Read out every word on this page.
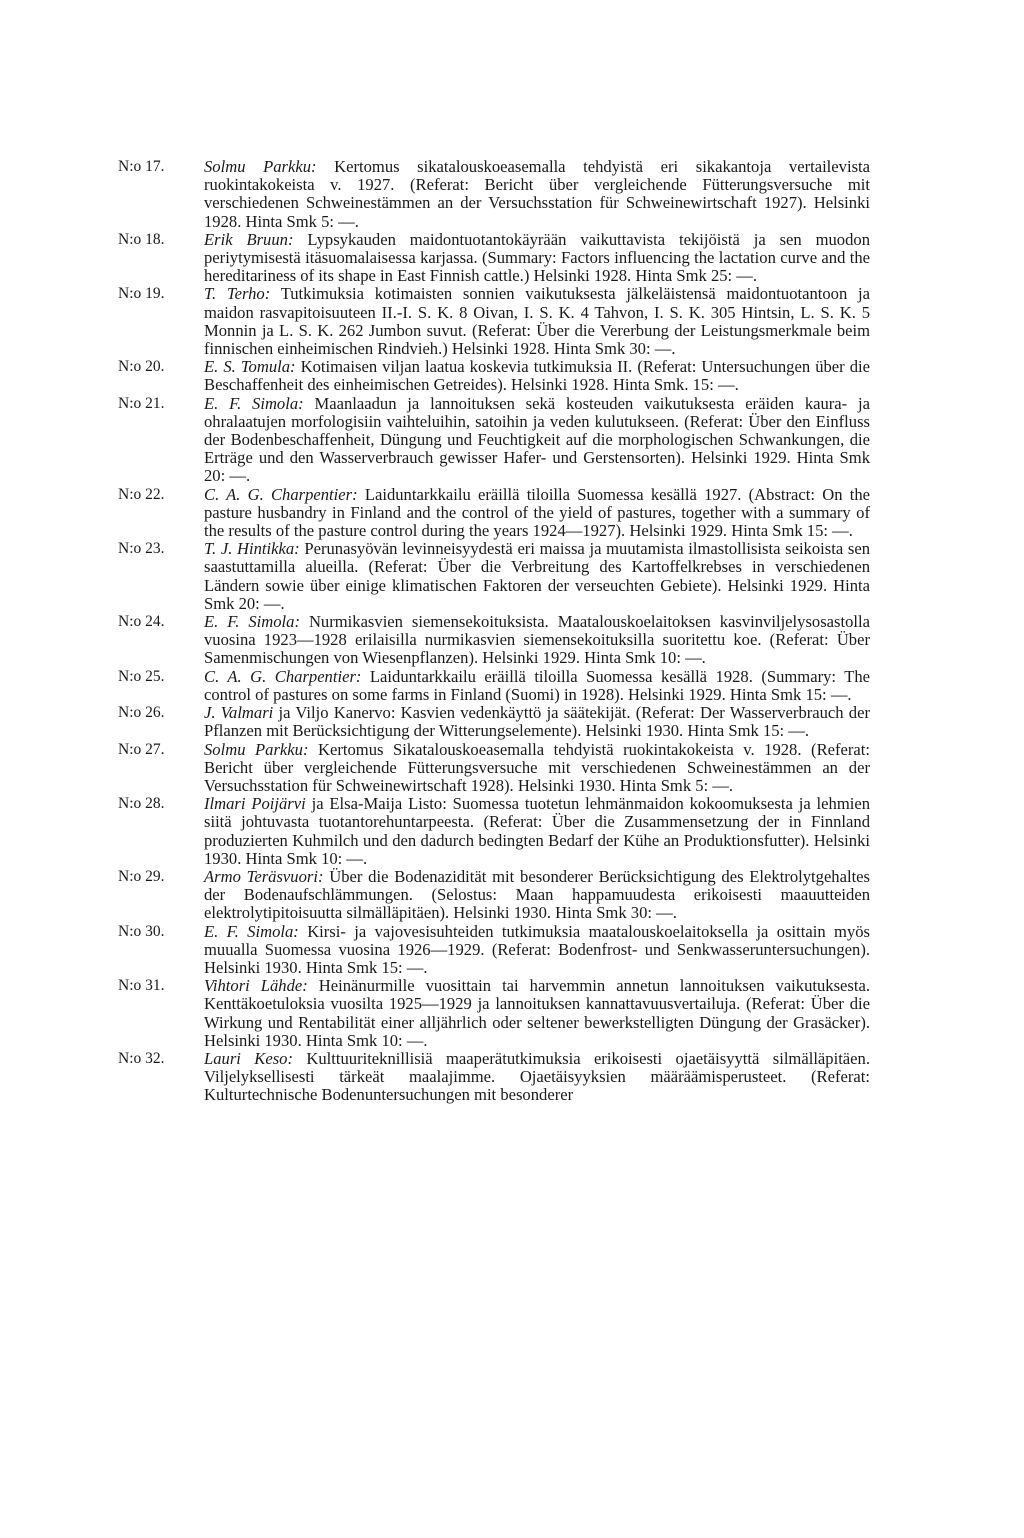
N:o 17.	Solmu Parkku: Kertomus sikatalouskoeasemalla tehdyistä eri sikakantoja vertailevista ruokintakokeista v. 1927. (Referat: Bericht über vergleichende Fütterungsversuche mit verschiedenen Schweinestämmen an der Versuchsstation für Schweinewirtschaft 1927). Helsinki 1928. Hinta Smk 5: —.
N:o 18.	Erik Bruun: Lypsykauden maidontuotantokäyrään vaikuttavista tekijöistä ja sen muodon periytymisestä itäsuomalaisessa karjassa. (Summary: Factors influencing the lactation curve and the hereditariness of its shape in East Finnish cattle.) Helsinki 1928. Hinta Smk 25: —.
N:o 19.	T. Terho: Tutkimuksia kotimaisten sonnien vaikutuksesta jälkeläistensä maidontuotantoon ja maidon rasvapitoisuuteen II.-I. S. K. 8 Oivan, I. S. K. 4 Tahvon, I. S. K. 305 Hintsin, L. S. K. 5 Monnin ja L. S. K. 262 Jumbon suvut. (Referat: Über die Vererbung der Leistungsmerkmale beim finnischen einheimischen Rindvieh.) Helsinki 1928. Hinta Smk 30: —.
N:o 20.	E. S. Tomula: Kotimaisen viljan laatua koskevia tutkimuksia II. (Referat: Untersuchungen über die Beschaffenheit des einheimischen Getreides). Helsinki 1928. Hinta Smk. 15: —.
N:o 21.	E. F. Simola: Maanlaadun ja lannoituksen sekä kosteuden vaikutuksesta eräiden kaura- ja ohralaatujen morfologisiin vaihteluihin, satoihin ja veden kulutukseen. (Referat: Über den Einfluss der Bodenbeschaffenheit, Düngung und Feuchtigkeit auf die morphologischen Schwankungen, die Erträge und den Wasserverbrauch gewisser Hafer- und Gerstensorten). Helsinki 1929. Hinta Smk 20: —.
N:o 22.	C. A. G. Charpentier: Laiduntarkkailu eräillä tiloilla Suomessa kesällä 1927. (Abstract: On the pasture husbandry in Finland and the control of the yield of pastures, together with a summary of the results of the pasture control during the years 1924—1927). Helsinki 1929. Hinta Smk 15: —.
N:o 23.	T. J. Hintikka: Perunasyövän levinneisyydestä eri maissa ja muutamista ilmastollisista seikoista sen saastuttamilla alueilla. (Referat: Über die Verbreitung des Kartoffelkrebses in verschiedenen Ländern sowie über einige klimatischen Faktoren der verseuchten Gebiete). Helsinki 1929. Hinta Smk 20: —.
N:o 24.	E. F. Simola: Nurmikasvien siemensekoituksista. Maatalouskoelaitoksen kasvinviljelysosastolla vuosina 1923—1928 erilaisilla nurmikasvien siemensekoituksilla suoritettu koe. (Referat: Über Samenmischungen von Wiesenpflanzen). Helsinki 1929. Hinta Smk 10: —.
N:o 25.	C. A. G. Charpentier: Laiduntarkkailu eräillä tiloilla Suomessa kesällä 1928. (Summary: The control of pastures on some farms in Finland (Suomi) in 1928). Helsinki 1929. Hinta Smk 15: —.
N:o 26.	J. Valmari ja Viljo Kanervo: Kasvien vedenkäyttö ja säätekijät. (Referat: Der Wasserverbrauch der Pflanzen mit Berücksichtigung der Witterungselemente). Helsinki 1930. Hinta Smk 15: —.
N:o 27.	Solmu Parkku: Kertomus Sikatalouskoeasemalla tehdyistä ruokintakokeista v. 1928. (Referat: Bericht über vergleichende Fütterungsversuche mit verschiedenen Schweinestämmen an der Versuchsstation für Schweinewirtschaft 1928). Helsinki 1930. Hinta Smk 5: —.
N:o 28.	Ilmari Poijärvi ja Elsa-Maija Listo: Suomessa tuotetun lehmänmaidon kokoomuksesta ja lehmien siitä johtuvasta tuotantorehuntarpeesta. (Referat: Über die Zusammensetzung der in Finnland produzierten Kuhmilch und den dadurch bedingten Bedarf der Kühe an Produktionsfutter). Helsinki 1930. Hinta Smk 10: —.
N:o 29.	Armo Teräsvuori: Über die Bodenazidität mit besonderer Berücksichtigung des Elektrolytgehaltes der Bodenaufschlämmungen. (Selostus: Maan happamuudesta erikoisesti maauutteiden elektrolytipitoisuutta silmälläpitäen). Helsinki 1930. Hinta Smk 30: —.
N:o 30.	E. F. Simola: Kirsi- ja vajovesisuhteiden tutkimuksia maatalouskoelaitoksella ja osittain myös muualla Suomessa vuosina 1926—1929. (Referat: Bodenfrost- und Senkwasseruntersuchungen). Helsinki 1930. Hinta Smk 15: —.
N:o 31.	Vihtori Lähde: Heinänurmille vuosittain tai harvemmin annetun lannoituksen vaikutuksesta. Kenttäkoetuloksia vuosilta 1925—1929 ja lannoituksen kannattavuusvertailuja. (Referat: Über die Wirkung und Rentabilität einer alljährlich oder seltener bewerkstelligten Düngung der Grasäcker). Helsinki 1930. Hinta Smk 10: —.
N:o 32.	Lauri Keso: Kulttuuriteknillisiä maaperätutkimuksia erikoisesti ojaetäisyyttä silmälläpitäen. Viljelyksellisesti tärkeät maalajimme. Ojaetäisyyksien määräämisperusteet. (Referat: Kulturtechnische Bodenuntersuchungen mit besonderer
